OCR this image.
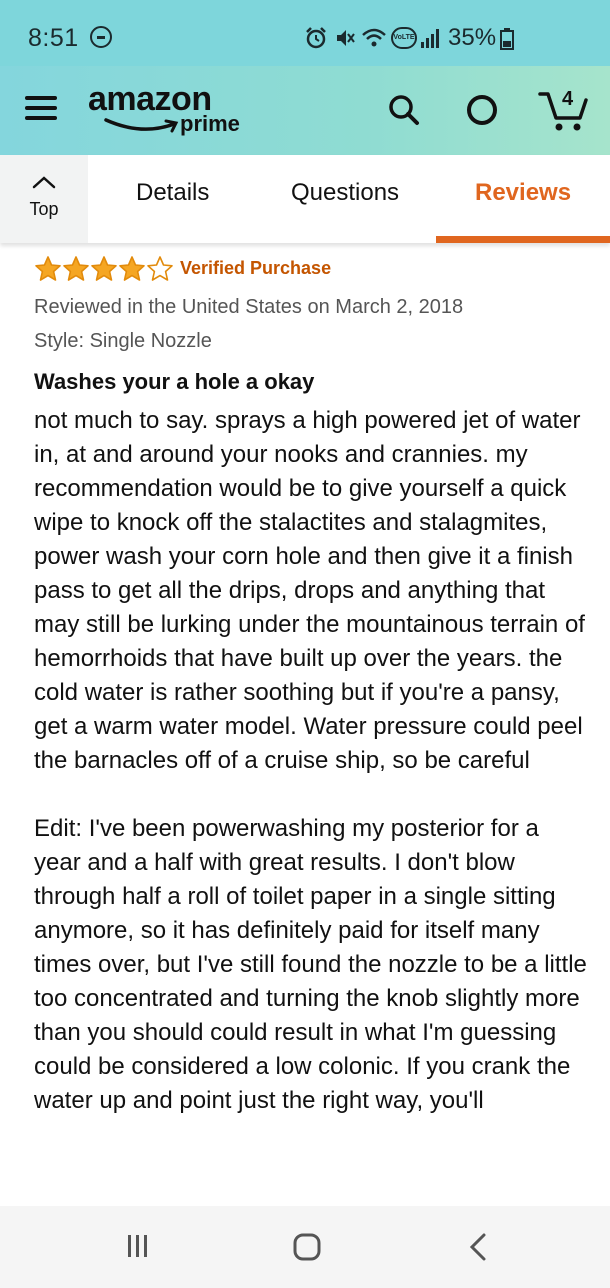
8:51	VoLTE 35%
amazon
prime
4
Top
Details	Questions	Reviews
Verified Purchase
Reviewed in the United States on March 2, 2018
Style: Single Nozzle
Washes your a hole a okay
not much to say. sprays a high powered jet of water in, at and around your nooks and crannies. my recommendation would be to give yourself a quick wipe to knock off the stalactites and stalagmites, power wash your corn hole and then give it a finish pass to get all the drips, drops and anything that may still be lurking under the mountainous terrain of hemorrhoids that have built up over the years. the cold water is rather soothing but if you're a pansy, get a warm water model. Water pressure could peel the barnacles off of a cruise ship, so be careful

Edit: I've been powerwashing my posterior for a year and a half with great results. I don't blow through half a roll of toilet paper in a single sitting anymore, so it has definitely paid for itself many times over, but I've still found the nozzle to be a little too concentrated and turning the knob slightly more than you should could result in what I'm guessing could be considered a low colonic. If you crank the water up and point just the right way, you'll
